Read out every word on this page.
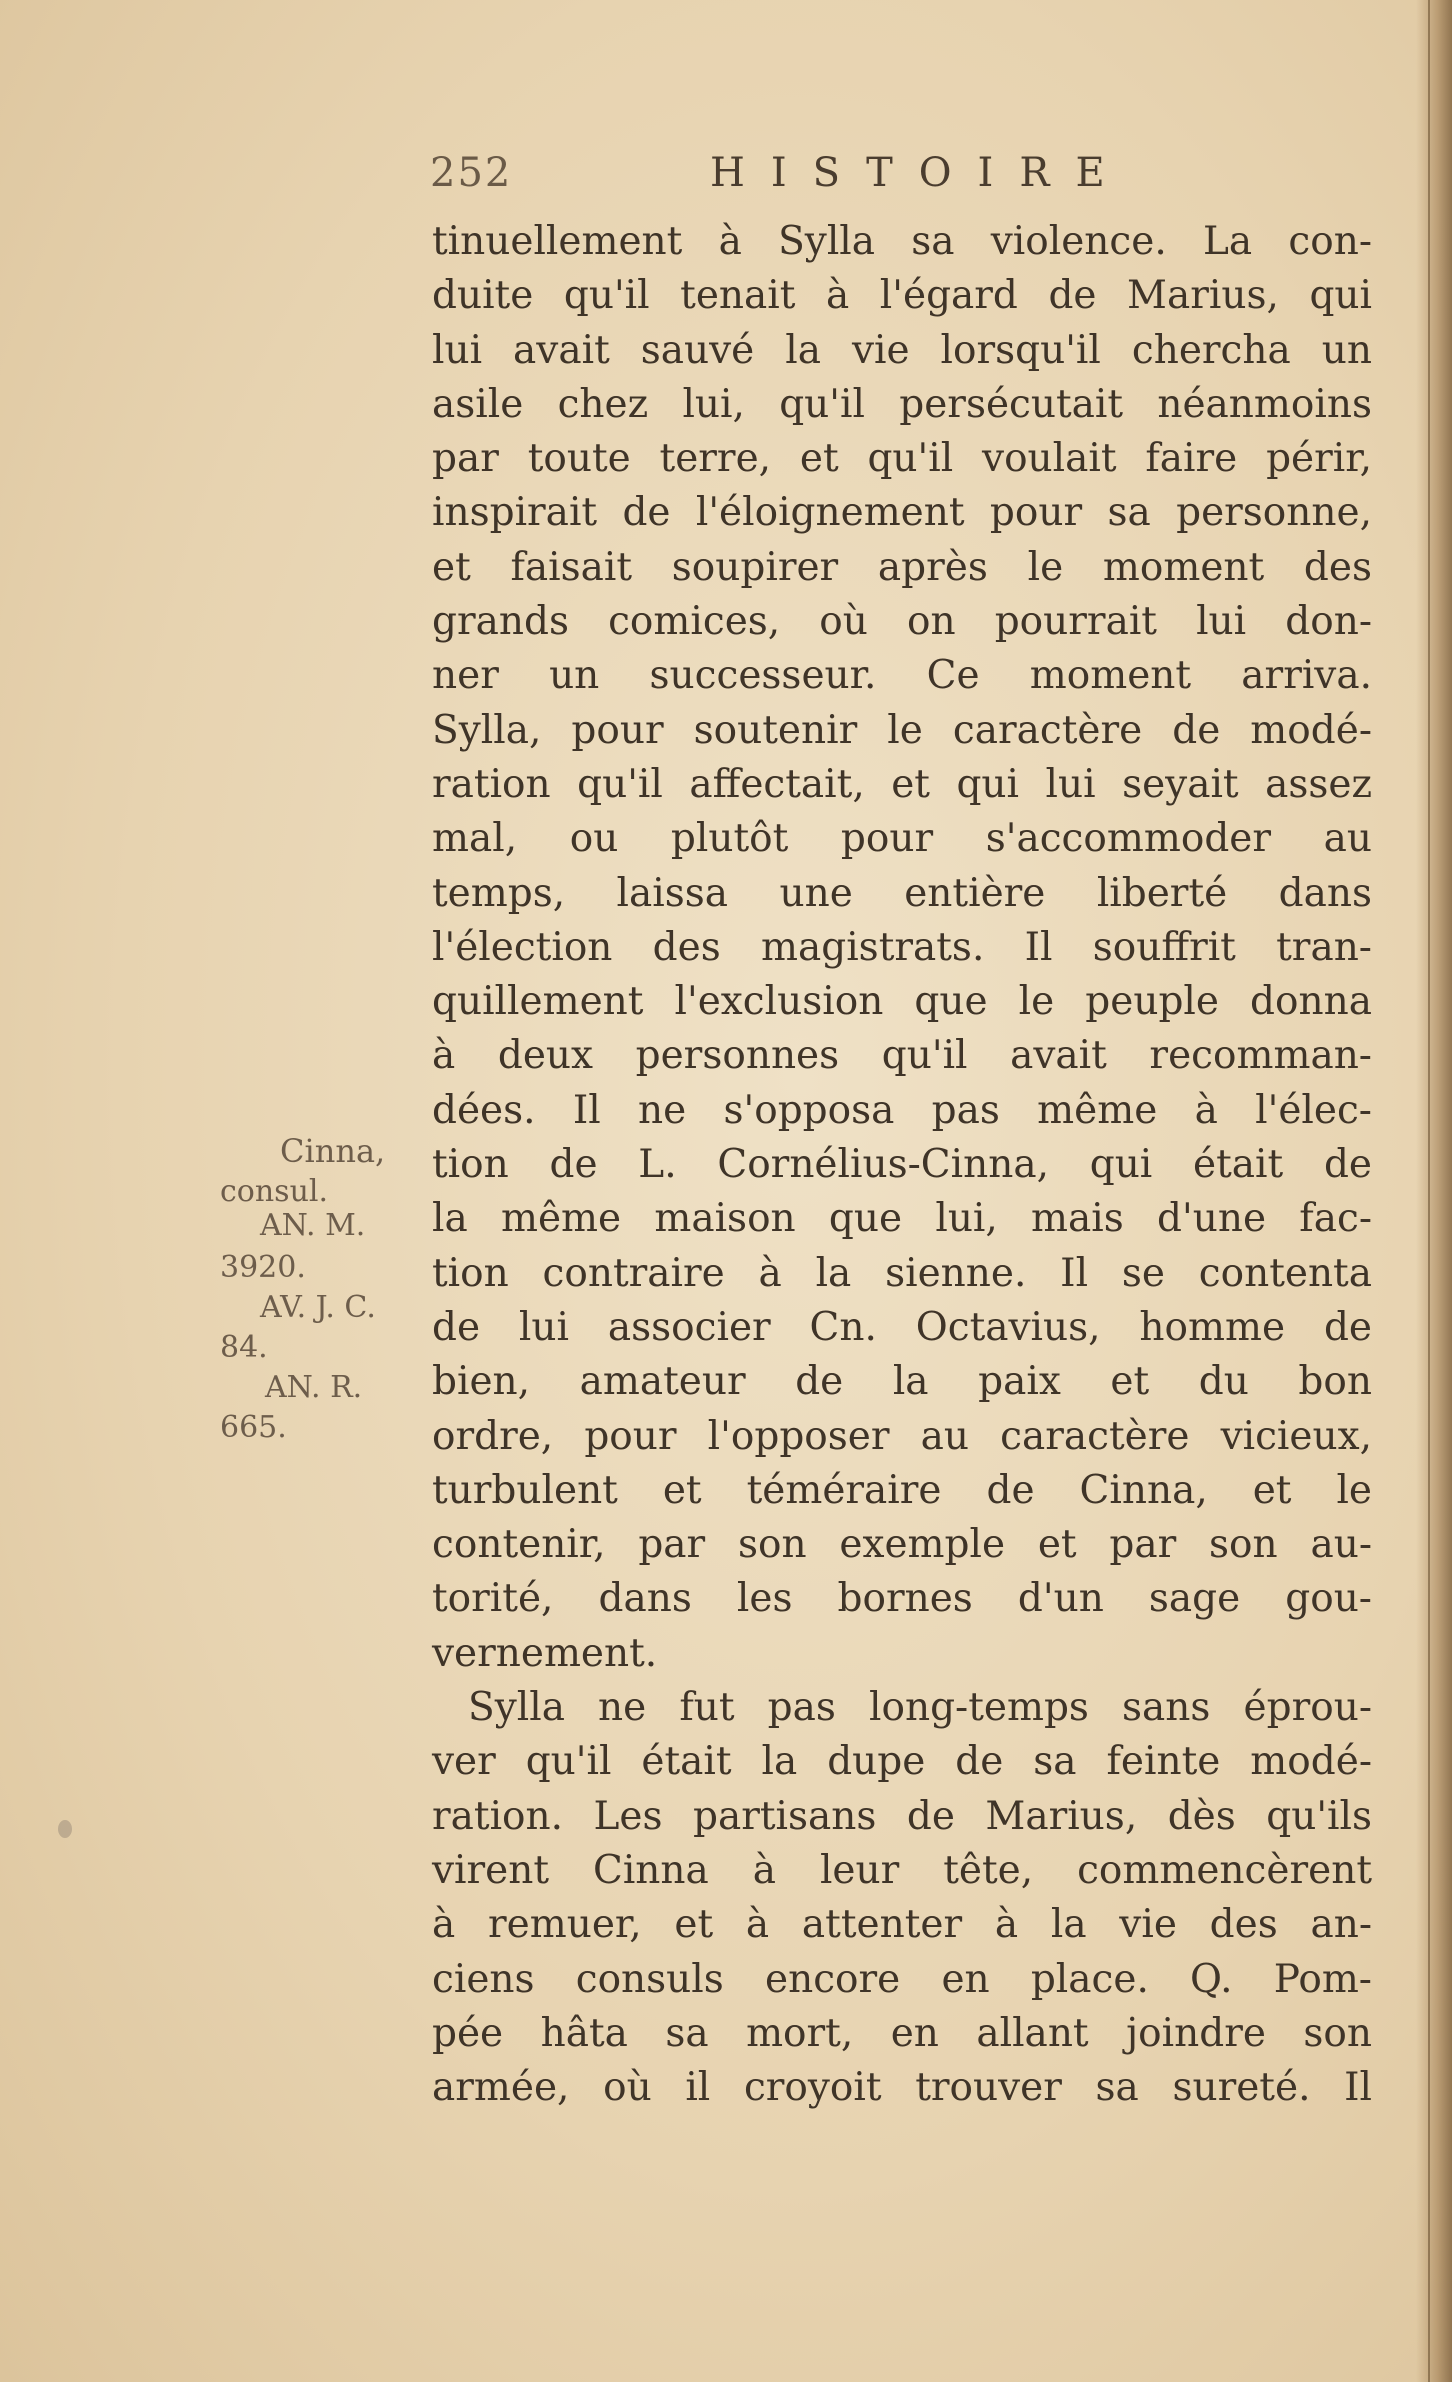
252	HISTOIRE
tinuellement à Sylla sa violence. La con-
duite qu'il tenait à l'égard de Marius, qui
lui avait sauvé la vie lorsqu'il chercha un
asile chez lui, qu'il persécutait néanmoins
par toute terre, et qu'il voulait faire périr,
inspirait de l'éloignement pour sa personne,
et faisait soupirer après le moment des
grands comices, où on pourrait lui don-
ner un successeur. Ce moment arriva.
Sylla, pour soutenir le caractère de modé-
ration qu'il affectait, et qui lui seyait assez
mal, ou plutôt pour s'accommoder au
temps, laissa une entière liberté dans
l'élection des magistrats. Il souffrit tran-
quillement l'exclusion que le peuple donna
à deux personnes qu'il avait recomman-
dées. Il ne s'opposa pas même à l'élec-
tion de L. Cornélius-Cinna, qui était de
la même maison que lui, mais d'une fac-
tion contraire à la sienne. Il se contenta
de lui associer Cn. Octavius, homme de
bien, amateur de la paix et du bon
ordre, pour l'opposer au caractère vicieux,
turbulent et téméraire de Cinna, et le
contenir, par son exemple et par son au-
torité, dans les bornes d'un sage gou-
vernement.
Sylla ne fut pas long-temps sans éprou-
ver qu'il était la dupe de sa feinte modé-
ration. Les partisans de Marius, dès qu'ils
virent Cinna à leur tête, commencèrent
à remuer, et à attenter à la vie des an-
ciens consuls encore en place. Q. Pom-
pée hâta sa mort, en allant joindre son
armée, où il croyoit trouver sa sureté. Il
Cinna,
consul.
AN. M.
3920.
AV. J. C.
84.
AN. R.
665.
